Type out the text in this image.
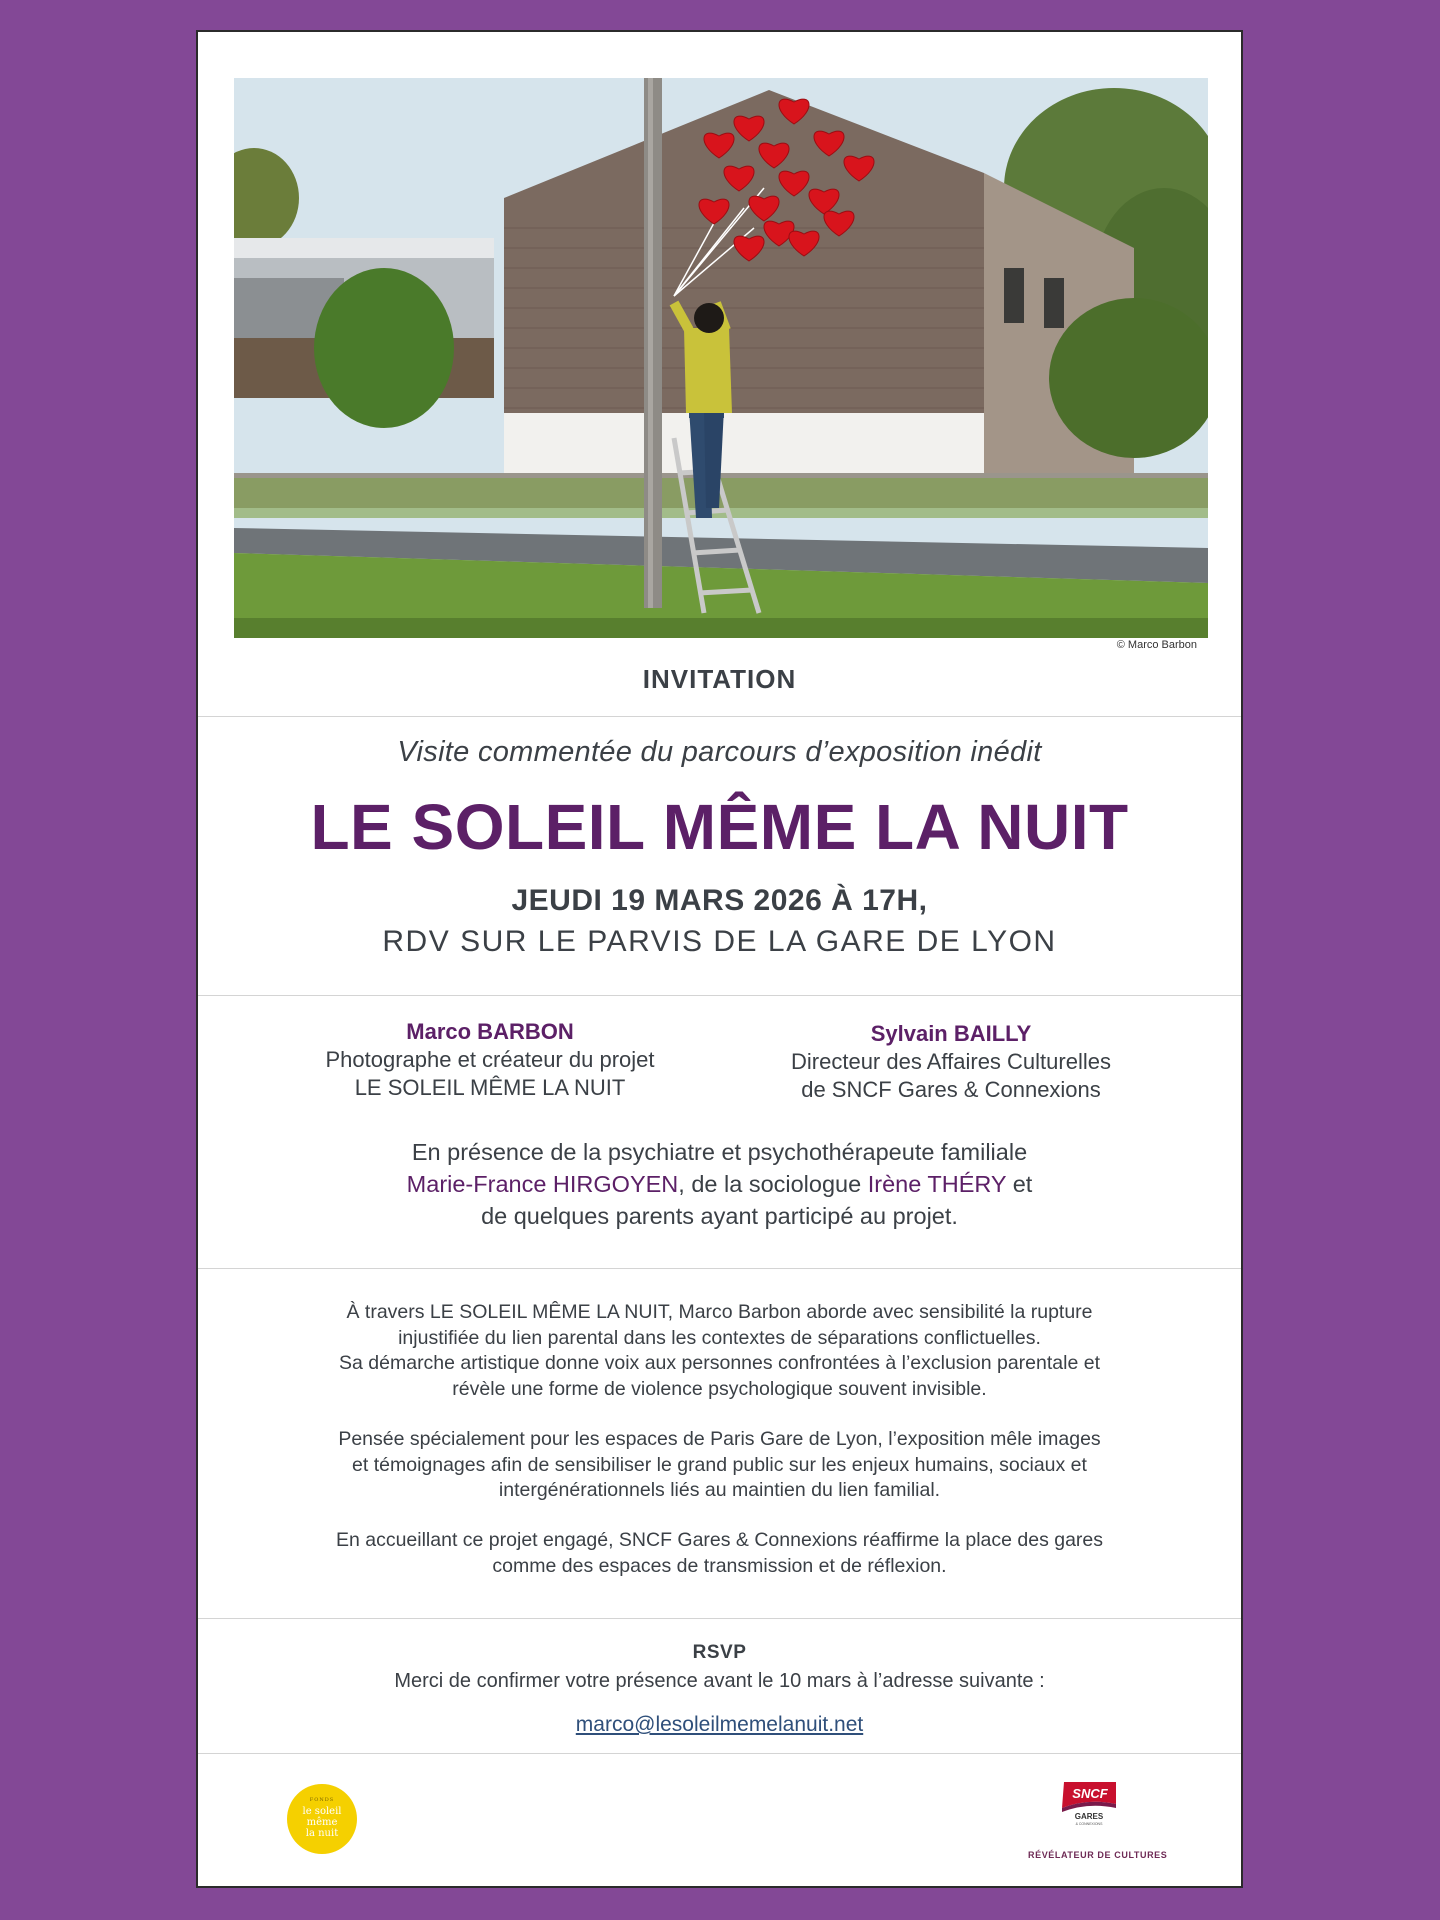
© Marco Barbon
INVITATION
Visite commentée du parcours d’exposition inédit
LE SOLEIL MÊME LA NUIT
JEUDI 19 MARS 2026 À 17H,
RDV SUR LE PARVIS DE LA GARE DE LYON
Marco BARBON
Photographe et créateur du projet
LE SOLEIL MÊME LA NUIT
Sylvain BAILLY
Directeur des Affaires Culturelles
de SNCF Gares & Connexions
En présence de la psychiatre et psychothérapeute familiale
Marie-France HIRGOYEN, de la sociologue Irène THÉRY et
de quelques parents ayant participé au projet.
À travers LE SOLEIL MÊME LA NUIT, Marco Barbon aborde avec sensibilité la rupture
injustifiée du lien parental dans les contextes de séparations conflictuelles.
Sa démarche artistique donne voix aux personnes confrontées à l’exclusion parentale et
révèle une forme de violence psychologique souvent invisible.
Pensée spécialement pour les espaces de Paris Gare de Lyon, l’exposition mêle images
et témoignages afin de sensibiliser le grand public sur les enjeux humains, sociaux et
intergénérationnels liés au maintien du lien familial.
En accueillant ce projet engagé, SNCF Gares & Connexions réaffirme la place des gares
comme des espaces de transmission et de réflexion.
RSVP
Merci de confirmer votre présence avant le 10 mars à l’adresse suivante :
marco@lesoleilmemelanuit.net
FONDS
le soleil
même
la nuit
SNCF
GARES
& CONNEXIONS
RÉVÉLATEUR DE CULTURES
